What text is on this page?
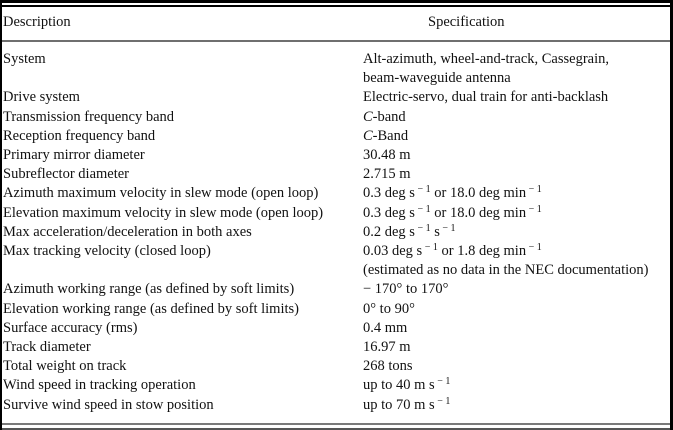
Description	Specification
System	Alt-azimuth, wheel-and-track, Cassegrain,
beam-waveguide antenna
Drive system	Electric-servo, dual train for anti-backlash
Transmission frequency band	C-band
Reception frequency band	C-Band
Primary mirror diameter	30.48 m
Subreflector diameter	2.715 m
Azimuth maximum velocity in slew mode (open loop)	0.3 deg s $^{- 1}$ or 18.0 deg min $^{- 1}$
Elevation maximum velocity in slew mode (open loop)	0.3 deg s $^{- 1}$ or 18.0 deg min $^{- 1}$
Max acceleration/deceleration in both axes	0.2 deg s $^{- 1}$ s $^{- 1}$
Max tracking velocity (closed loop)	0.03 deg s $^{- 1}$ or 1.8 deg min $^{- 1}$
(estimated as no data in the NEC documentation)
Azimuth working range (as defined by soft limits)	− 170° to 170°
Elevation working range (as defined by soft limits)	0° to 90°
Surface accuracy (rms)	0.4 mm
Track diameter	16.97 m
Total weight on track	268 tons
Wind speed in tracking operation	up to 40 m s $^{- 1}$
Survive wind speed in stow position	up to 70 m s $^{- 1}$
